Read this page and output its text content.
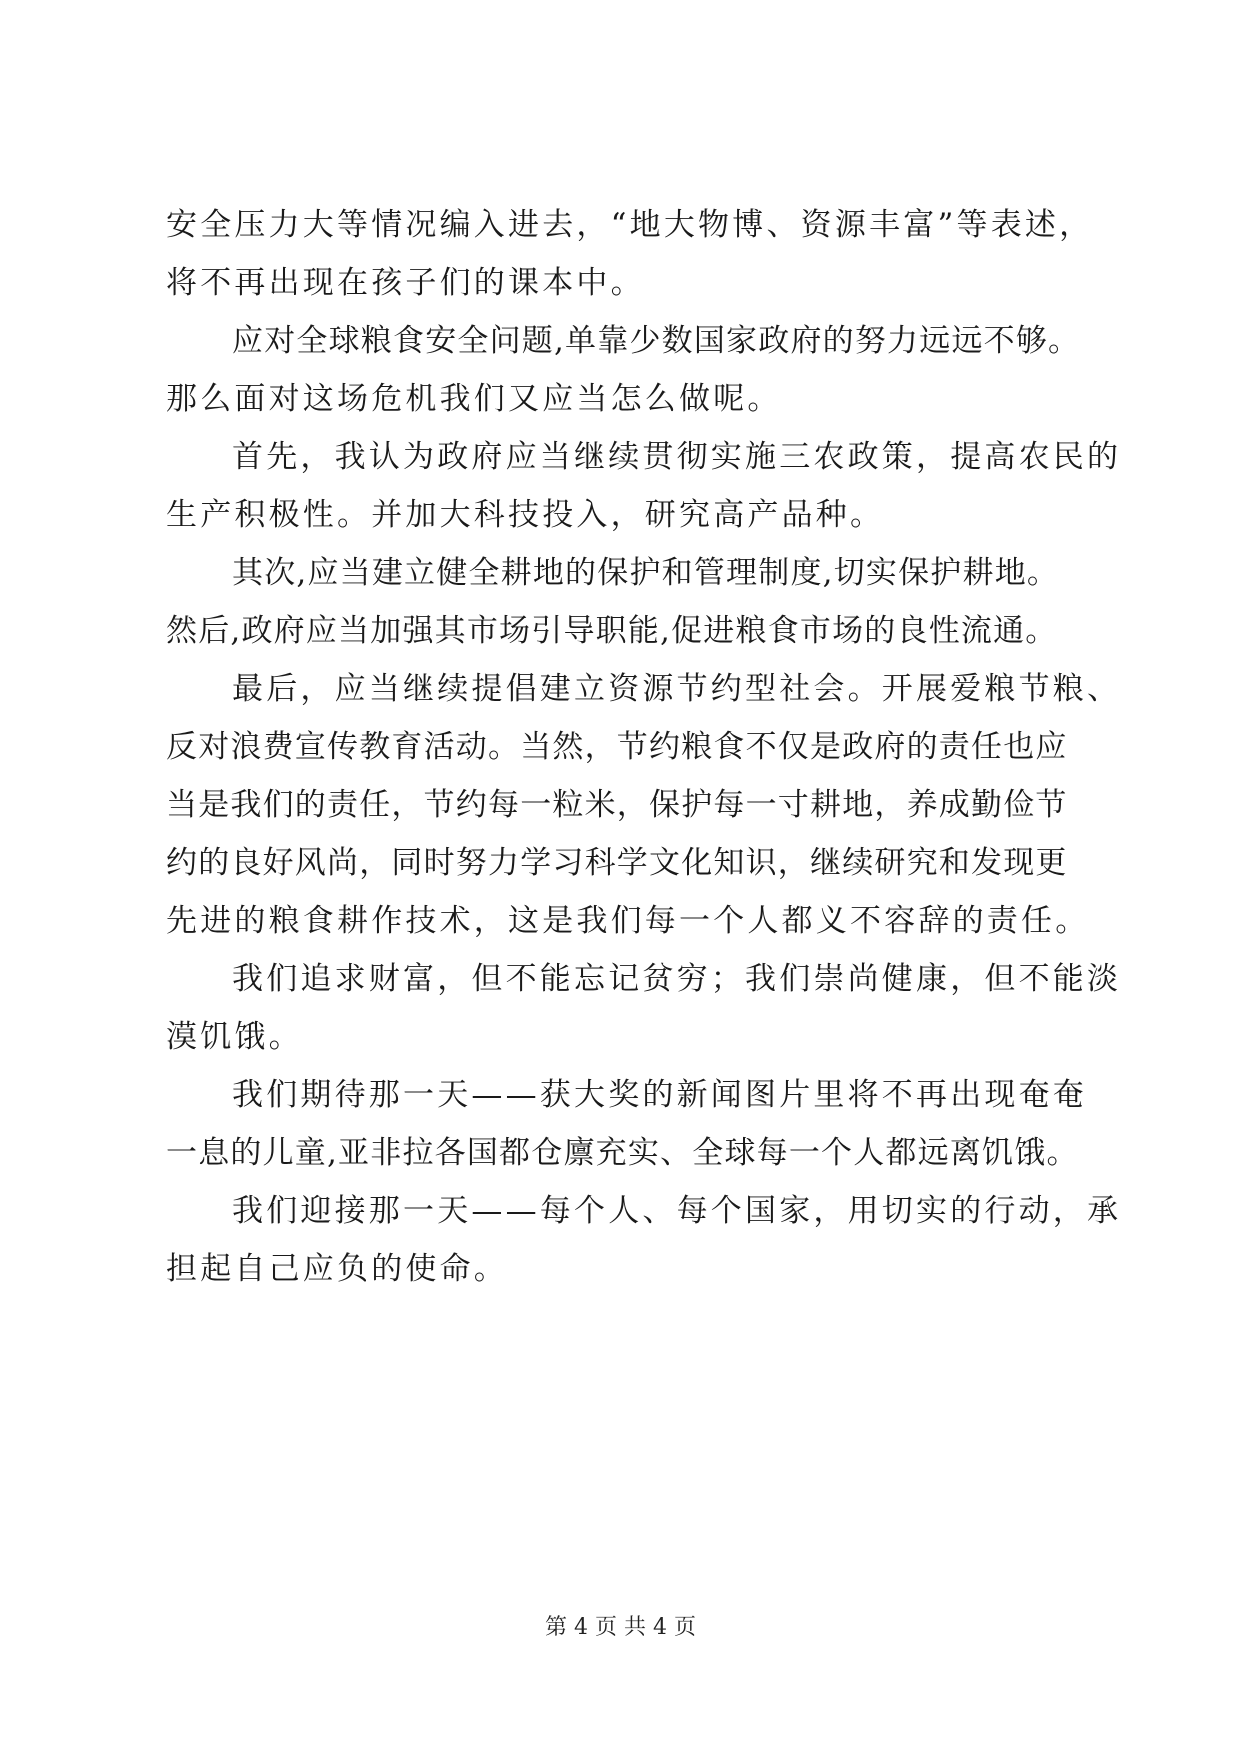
安全压力大等情况编入进去，“地大物博、资源丰富”等表述，
将不再出现在孩子们的课本中。
应对全球粮食安全问题,单靠少数国家政府的努力远远不够。
那么面对这场危机我们又应当怎么做呢。
首先，我认为政府应当继续贯彻实施三农政策，提高农民的
生产积极性。并加大科技投入，研究高产品种。
其次,应当建立健全耕地的保护和管理制度,切实保护耕地。
然后,政府应当加强其市场引导职能,促进粮食市场的良性流通。
最后，应当继续提倡建立资源节约型社会。开展爱粮节粮、
反对浪费宣传教育活动。当然，节约粮食不仅是政府的责任也应
当是我们的责任，节约每一粒米，保护每一寸耕地，养成勤俭节
约的良好风尚，同时努力学习科学文化知识，继续研究和发现更
先进的粮食耕作技术，这是我们每一个人都义不容辞的责任。
我们追求财富，但不能忘记贫穷；我们崇尚健康，但不能淡
漠饥饿。
我们期待那一天——获大奖的新闻图片里将不再出现奄奄
一息的儿童,亚非拉各国都仓廪充实、全球每一个人都远离饥饿。
我们迎接那一天——每个人、每个国家，用切实的行动，承
担起自己应负的使命。
第 4 页 共 4 页
